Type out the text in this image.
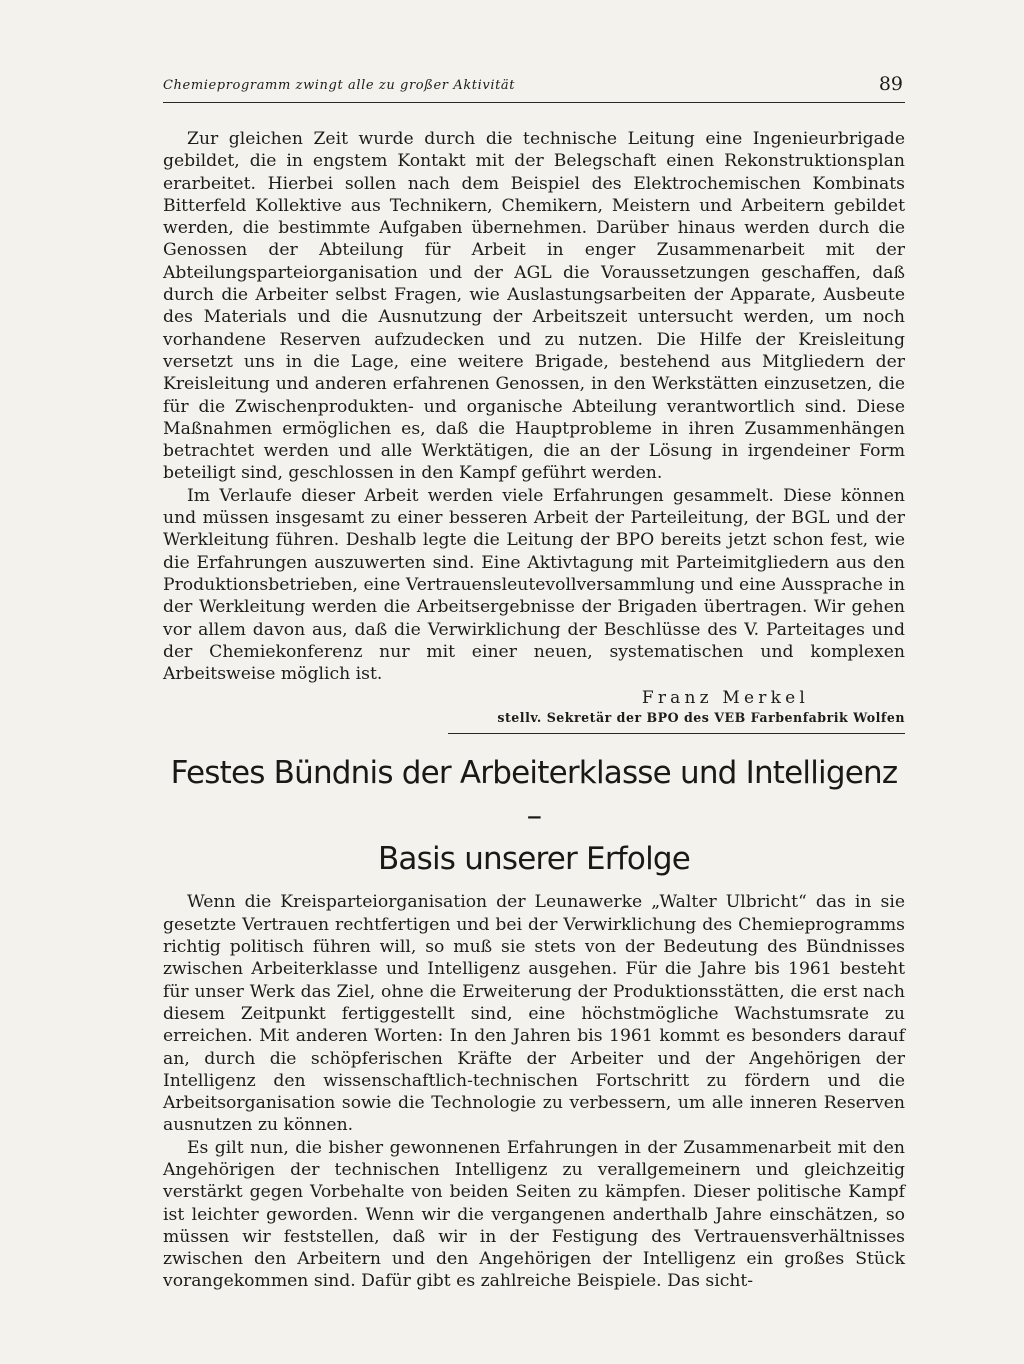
Chemieprogramm zwingt alle zu großer Aktivität	89

Zur gleichen Zeit wurde durch die technische Leitung eine Ingenieurbrigade gebildet, die in engstem Kontakt mit der Belegschaft einen Rekonstruktionsplan erarbeitet. Hierbei sollen nach dem Beispiel des Elektrochemischen Kombinats Bitterfeld Kollektive aus Technikern, Chemikern, Meistern und Arbeitern gebildet werden, die bestimmte Aufgaben übernehmen. Darüber hinaus werden durch die Genossen der Abteilung für Arbeit in enger Zusammenarbeit mit der Abteilungsparteiorganisation und der AGL die Voraussetzungen geschaffen, daß durch die Arbeiter selbst Fragen, wie Auslastungsarbeiten der Apparate, Ausbeute des Materials und die Ausnutzung der Arbeitszeit untersucht werden, um noch vorhandene Reserven aufzudecken und zu nutzen. Die Hilfe der Kreisleitung versetzt uns in die Lage, eine weitere Brigade, bestehend aus Mitgliedern der Kreisleitung und anderen erfahrenen Genossen, in den Werkstätten einzusetzen, die für die Zwischenprodukten- und organische Abteilung verantwortlich sind. Diese Maßnahmen ermöglichen es, daß die Hauptprobleme in ihren Zusammenhängen betrachtet werden und alle Werktätigen, die an der Lösung in irgendeiner Form beteiligt sind, geschlossen in den Kampf geführt werden.

Im Verlaufe dieser Arbeit werden viele Erfahrungen gesammelt. Diese können und müssen insgesamt zu einer besseren Arbeit der Parteileitung, der BGL und der Werkleitung führen. Deshalb legte die Leitung der BPO bereits jetzt schon fest, wie die Erfahrungen auszuwerten sind. Eine Aktivtagung mit Parteimitgliedern aus den Produktionsbetrieben, eine Vertrauensleutevollversammlung und eine Aussprache in der Werkleitung werden die Arbeitsergebnisse der Brigaden übertragen. Wir gehen vor allem davon aus, daß die Verwirklichung der Beschlüsse des V. Parteitages und der Chemiekonferenz nur mit einer neuen, systematischen und komplexen Arbeitsweise möglich ist.

Franz Merkel
stellv. Sekretär der BPO des VEB Farbenfabrik Wolfen
Festes Bündnis der Arbeiterklasse und Intelligenz –
Basis unserer Erfolge

Wenn die Kreisparteiorganisation der Leunawerke „Walter Ulbricht“ das in sie gesetzte Vertrauen rechtfertigen und bei der Verwirklichung des Chemieprogramms richtig politisch führen will, so muß sie stets von der Bedeutung des Bündnisses zwischen Arbeiterklasse und Intelligenz ausgehen. Für die Jahre bis 1961 besteht für unser Werk das Ziel, ohne die Erweiterung der Produktionsstätten, die erst nach diesem Zeitpunkt fertiggestellt sind, eine höchstmögliche Wachstumsrate zu erreichen. Mit anderen Worten: In den Jahren bis 1961 kommt es besonders darauf an, durch die schöpferischen Kräfte der Arbeiter und der Angehörigen der Intelligenz den wissenschaftlich-technischen Fortschritt zu fördern und die Arbeitsorganisation sowie die Technologie zu verbessern, um alle inneren Reserven ausnutzen zu können.

Es gilt nun, die bisher gewonnenen Erfahrungen in der Zusammenarbeit mit den Angehörigen der technischen Intelligenz zu verallgemeinern und gleichzeitig verstärkt gegen Vorbehalte von beiden Seiten zu kämpfen. Dieser politische Kampf ist leichter geworden. Wenn wir die vergangenen anderthalb Jahre einschätzen, so müssen wir feststellen, daß wir in der Festigung des Vertrauensverhältnisses zwischen den Arbeitern und den Angehörigen der Intelligenz ein großes Stück vorangekommen sind. Dafür gibt es zahlreiche Beispiele. Das sicht-
